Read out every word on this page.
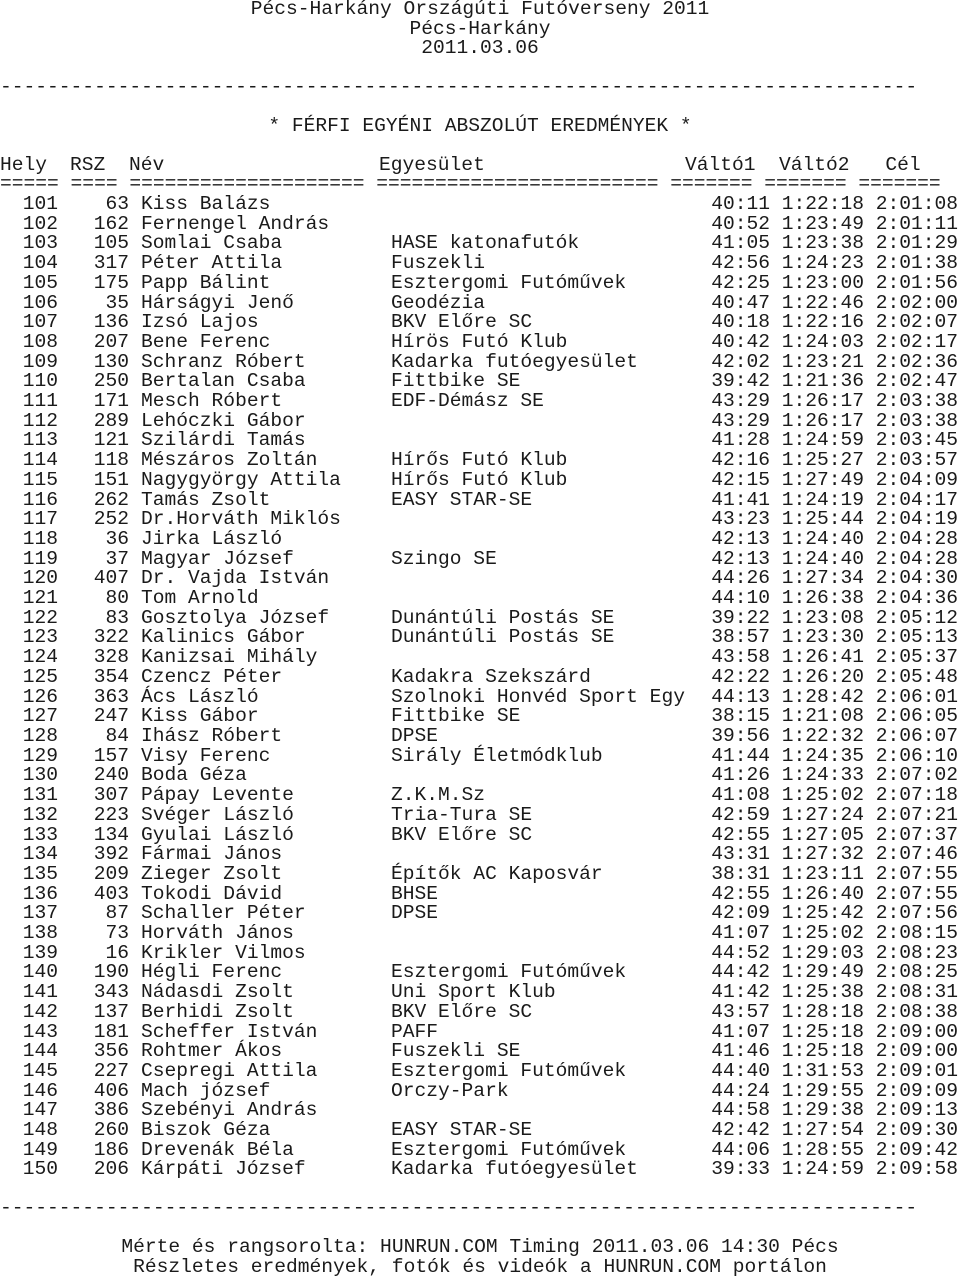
Pécs-Harkány Országúti Futóverseny 2011
Pécs-Harkány
2011.03.06
------------------------------------------------------------------------------
* FÉRFI EGYÉNI ABSZOLÚT EREDMÉNYEK *
Hely RSZ Név	Egyesület	Váltó1 Váltó2 Cél
===== ==== ==================== ======================== ======= ======= =======
101 63 Kiss Balázs	40:11 1:22:18 2:01:08
102 162 Fernengel András	40:52 1:23:49 2:01:11
103 105 Somlai Csaba	HASE katonafutók	41:05 1:23:38 2:01:29
104 317 Péter Attila	Fuszekli	42:56 1:24:23 2:01:38
105 175 Papp Bálint	Esztergomi Futóművek	42:25 1:23:00 2:01:56
106 35 Hárságyi Jenő	Geodézia	40:47 1:22:46 2:02:00
107 136 Izsó Lajos	BKV Előre SC	40:18 1:22:16 2:02:07
108 207 Bene Ferenc	Hírös Futó Klub	40:42 1:24:03 2:02:17
109 130 Schranz Róbert	Kadarka futóegyesület	42:02 1:23:21 2:02:36
110 250 Bertalan Csaba	Fittbike SE	39:42 1:21:36 2:02:47
111 171 Mesch Róbert	EDF-Démász SE	43:29 1:26:17 2:03:38
112 289 Lehóczki Gábor	43:29 1:26:17 2:03:38
113 121 Szilárdi Tamás	41:28 1:24:59 2:03:45
114 118 Mészáros Zoltán	Hírős Futó Klub	42:16 1:25:27 2:03:57
115 151 Nagygyörgy Attila	Hírős Futó Klub	42:15 1:27:49 2:04:09
116 262 Tamás Zsolt	EASY STAR-SE	41:41 1:24:19 2:04:17
117 252 Dr.Horváth Miklós	43:23 1:25:44 2:04:19
118 36 Jirka László	42:13 1:24:40 2:04:28
119 37 Magyar József	Szingo SE	42:13 1:24:40 2:04:28
120 407 Dr. Vajda István	44:26 1:27:34 2:04:30
121 80 Tom Arnold	44:10 1:26:38 2:04:36
122 83 Gosztolya József	Dunántúli Postás SE	39:22 1:23:08 2:05:12
123 322 Kalinics Gábor	Dunántúli Postás SE	38:57 1:23:30 2:05:13
124 328 Kanizsai Mihály	43:58 1:26:41 2:05:37
125 354 Czencz Péter	Kadakra Szekszárd	42:22 1:26:20 2:05:48
126 363 Ács László	Szolnoki Honvéd Sport Egy 44:13 1:28:42 2:06:01
127 247 Kiss Gábor	Fittbike SE	38:15 1:21:08 2:06:05
128 84 Ihász Róbert	DPSE	39:56 1:22:32 2:06:07
129 157 Visy Ferenc	Sirály Életmódklub	41:44 1:24:35 2:06:10
130 240 Boda Géza	41:26 1:24:33 2:07:02
131 307 Pápay Levente	Z.K.M.Sz	41:08 1:25:02 2:07:18
132 223 Svéger László	Tria-Tura SE	42:59 1:27:24 2:07:21
133 134 Gyulai László	BKV Előre SC	42:55 1:27:05 2:07:37
134 392 Fármai János	43:31 1:27:32 2:07:46
135 209 Zieger Zsolt	Építők AC Kaposvár	38:31 1:23:11 2:07:55
136 403 Tokodi Dávid	BHSE	42:55 1:26:40 2:07:55
137 87 Schaller Péter	DPSE	42:09 1:25:42 2:07:56
138 73 Horváth János	41:07 1:25:02 2:08:15
139 16 Krikler Vilmos	44:52 1:29:03 2:08:23
140 190 Hégli Ferenc	Esztergomi Futóművek	44:42 1:29:49 2:08:25
141 343 Nádasdi Zsolt	Uni Sport Klub	41:42 1:25:38 2:08:31
142 137 Berhidi Zsolt	BKV Előre SC	43:57 1:28:18 2:08:38
143 181 Scheffer István	PAFF	41:07 1:25:18 2:09:00
144 356 Rohtmer Ákos	Fuszekli SE	41:46 1:25:18 2:09:00
145 227 Csepregi Attila	Esztergomi Futóművek	44:40 1:31:53 2:09:01
146 406 Mach józsef	Orczy-Park	44:24 1:29:55 2:09:09
147 386 Szebényi András	44:58 1:29:38 2:09:13
148 260 Biszok Géza	EASY STAR-SE	42:42 1:27:54 2:09:30
149 186 Drevenák Béla	Esztergomi Futóművek	44:06 1:28:55 2:09:42
150 206 Kárpáti József	Kadarka futóegyesület	39:33 1:24:59 2:09:58
------------------------------------------------------------------------------
Mérte és rangsorolta: HUNRUN.COM Timing 2011.03.06 14:30 Pécs
Részletes eredmények, fotók és videók a HUNRUN.COM portálon
